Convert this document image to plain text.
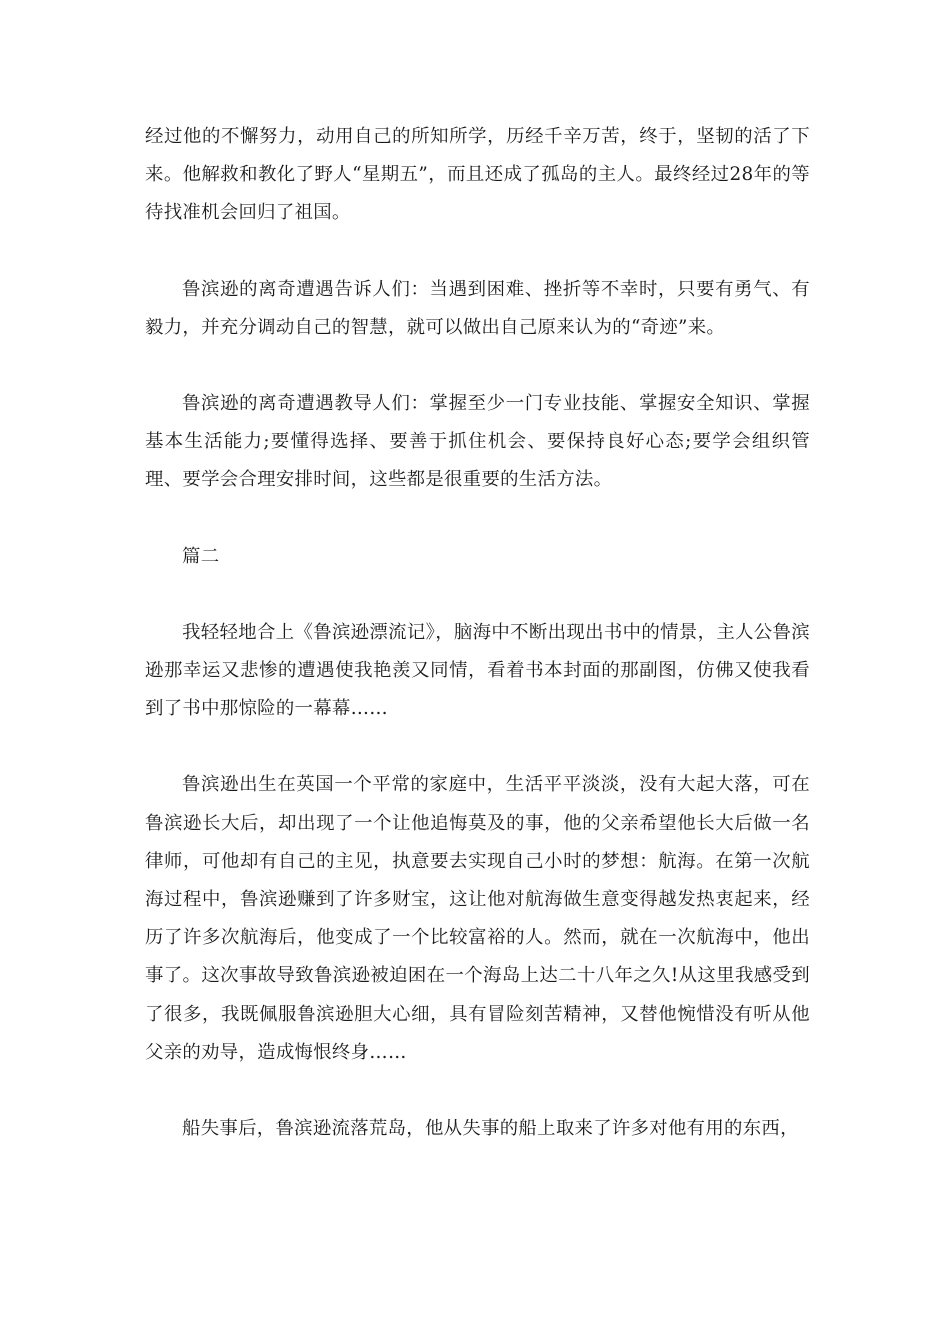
经过他的不懈努力，动用自己的所知所学，历经千辛万苦，终于，坚韧的活了下来。他解救和教化了野人“星期五”，而且还成了孤岛的主人。最终经过28年的等待找准机会回归了祖国。

鲁滨逊的离奇遭遇告诉人们：当遇到困难、挫折等不幸时，只要有勇气、有毅力，并充分调动自己的智慧，就可以做出自己原来认为的“奇迹”来。

鲁滨逊的离奇遭遇教导人们：掌握至少一门专业技能、掌握安全知识、掌握基本生活能力;要懂得选择、要善于抓住机会、要保持良好心态;要学会组织管理、要学会合理安排时间，这些都是很重要的生活方法。

篇二

我轻轻地合上《鲁滨逊漂流记》，脑海中不断出现出书中的情景，主人公鲁滨逊那幸运又悲惨的遭遇使我艳羡又同情，看着书本封面的那副图，仿佛又使我看到了书中那惊险的一幕幕……

鲁滨逊出生在英国一个平常的家庭中，生活平平淡淡，没有大起大落，可在鲁滨逊长大后，却出现了一个让他追悔莫及的事，他的父亲希望他长大后做一名律师，可他却有自己的主见，执意要去实现自己小时的梦想：航海。在第一次航海过程中，鲁滨逊赚到了许多财宝，这让他对航海做生意变得越发热衷起来，经历了许多次航海后，他变成了一个比较富裕的人。然而，就在一次航海中，他出事了。这次事故导致鲁滨逊被迫困在一个海岛上达二十八年之久!从这里我感受到了很多，我既佩服鲁滨逊胆大心细，具有冒险刻苦精神，又替他惋惜没有听从他父亲的劝导，造成悔恨终身……

船失事后，鲁滨逊流落荒岛，他从失事的船上取来了许多对他有用的东西，
